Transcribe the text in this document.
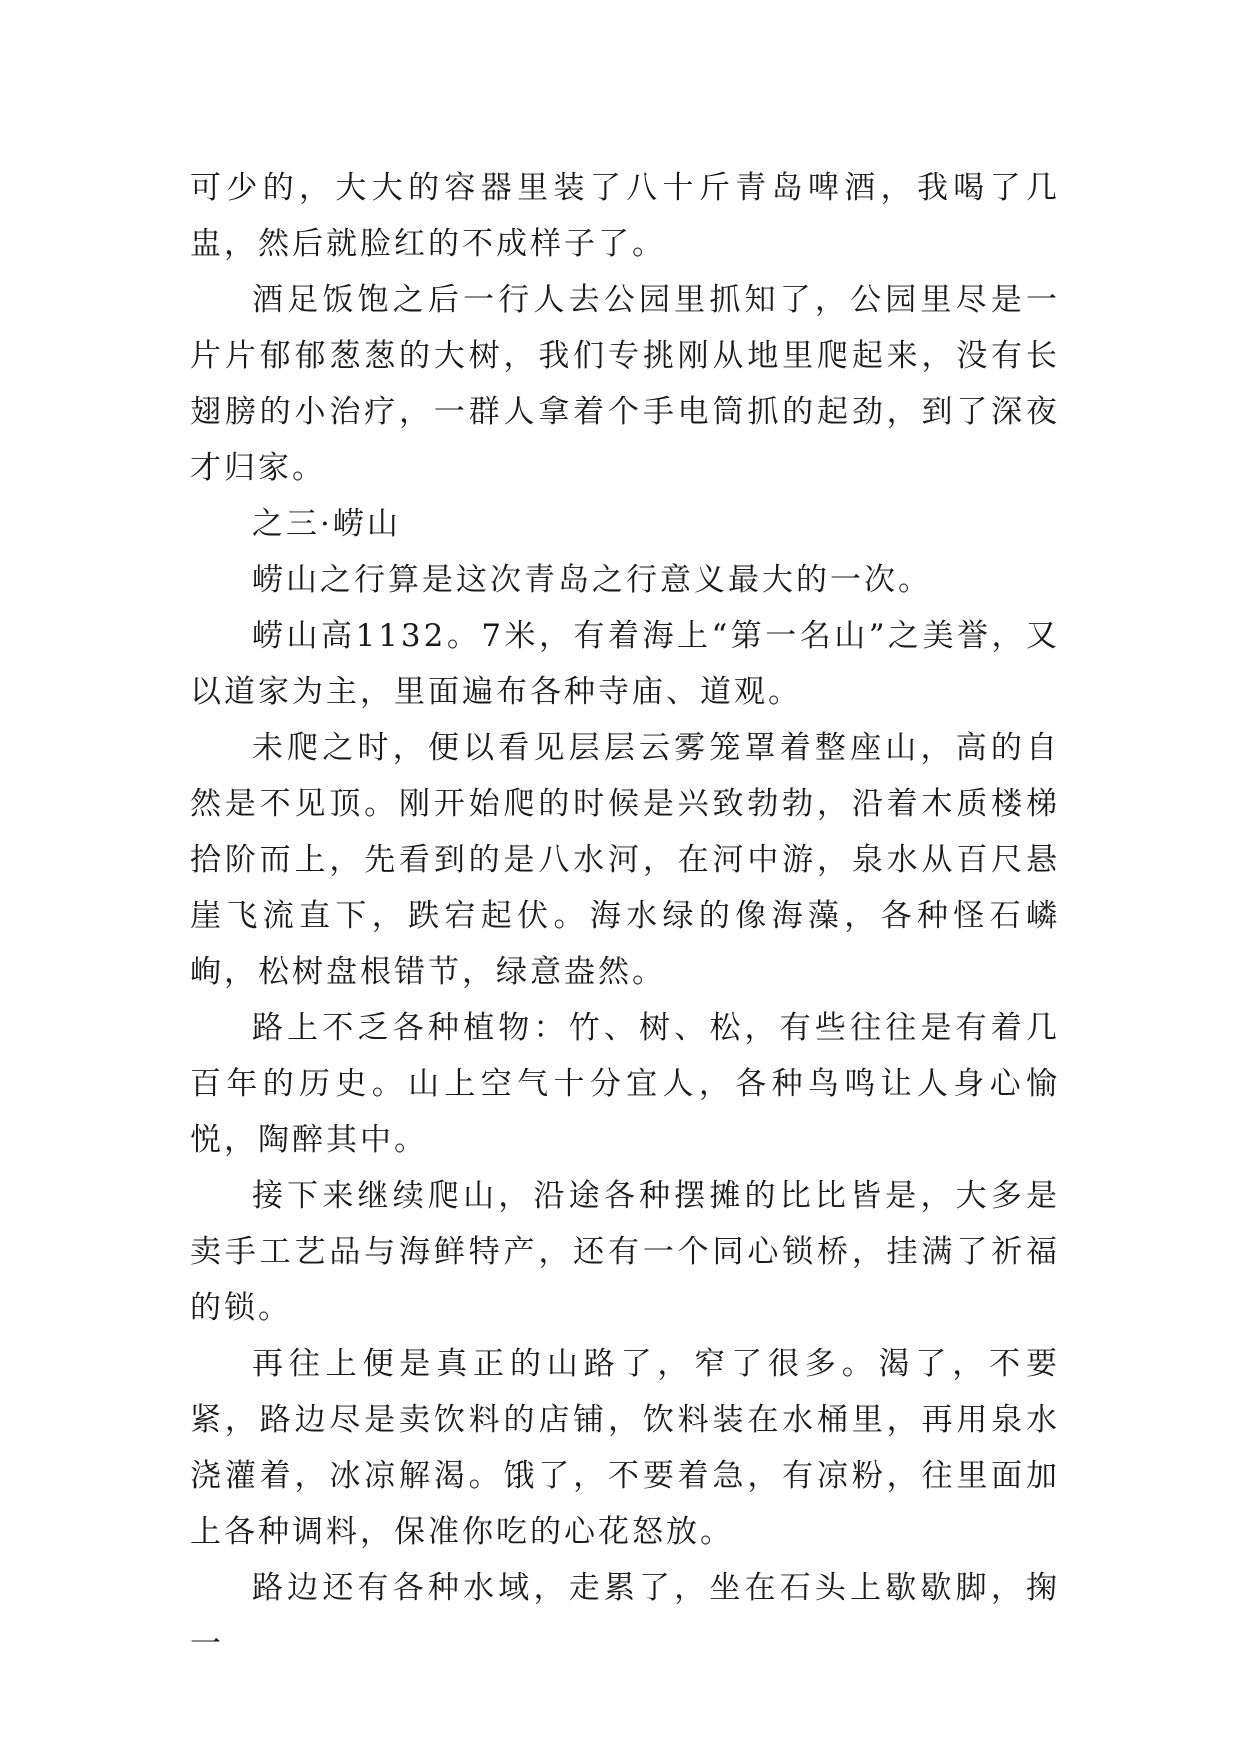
可少的，大大的容器里装了八十斤青岛啤酒，我喝了几盅，然后就脸红的不成样子了。

酒足饭饱之后一行人去公园里抓知了，公园里尽是一片片郁郁葱葱的大树，我们专挑刚从地里爬起来，没有长翅膀的小治疗，一群人拿着个手电筒抓的起劲，到了深夜才归家。

之三·崂山

崂山之行算是这次青岛之行意义最大的一次。

崂山高1132。7米，有着海上“第一名山”之美誉，又以道家为主，里面遍布各种寺庙、道观。

未爬之时，便以看见层层云雾笼罩着整座山，高的自然是不见顶。刚开始爬的时候是兴致勃勃，沿着木质楼梯拾阶而上，先看到的是八水河，在河中游，泉水从百尺悬崖飞流直下，跌宕起伏。海水绿的像海藻，各种怪石嶙峋，松树盘根错节，绿意盎然。

路上不乏各种植物：竹、树、松，有些往往是有着几百年的历史。山上空气十分宜人，各种鸟鸣让人身心愉悦，陶醉其中。

接下来继续爬山，沿途各种摆摊的比比皆是，大多是卖手工艺品与海鲜特产，还有一个同心锁桥，挂满了祈福的锁。

再往上便是真正的山路了，窄了很多。渴了，不要紧，路边尽是卖饮料的店铺，饮料装在水桶里，再用泉水浇灌着，冰凉解渴。饿了，不要着急，有凉粉，往里面加上各种调料，保准你吃的心花怒放。

路边还有各种水域，走累了，坐在石头上歇歇脚，掬一
